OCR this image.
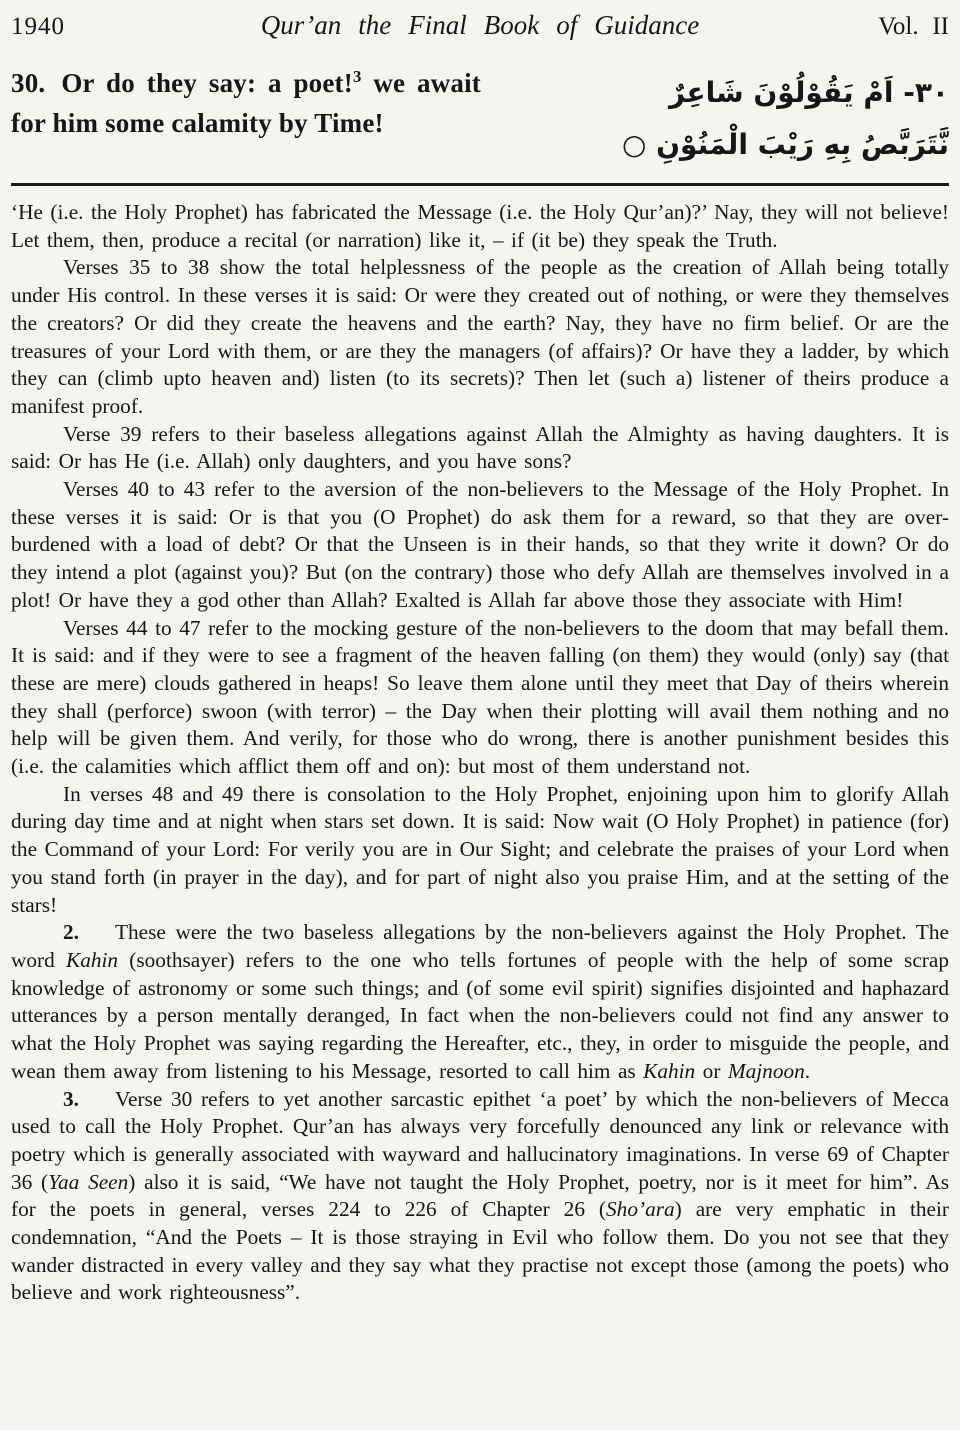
1940	Qur’an the Final Book of Guidance	Vol. II
30. Or do they say: a poet!$^3$ we await for him some calamity by Time!
٣٠- اَمْ يَقُوْلُوْنَ شَاعِرٌ
نَّتَرَبَّصُ بِهِ رَيْبَ الْمَنُوْنِ ○

‘He (i.e. the Holy Prophet) has fabricated the Message (i.e. the Holy Qur’an)?’ Nay, they will not believe! Let them, then, produce a recital (or narration) like it, – if (it be) they speak the Truth.

Verses 35 to 38 show the total helplessness of the people as the creation of Allah being totally under His control. In these verses it is said: Or were they created out of nothing, or were they themselves the creators? Or did they create the heavens and the earth? Nay, they have no firm belief. Or are the treasures of your Lord with them, or are they the managers (of affairs)? Or have they a ladder, by which they can (climb upto heaven and) listen (to its secrets)? Then let (such a) listener of theirs produce a manifest proof.

Verse 39 refers to their baseless allegations against Allah the Almighty as having daughters. It is said: Or has He (i.e. Allah) only daughters, and you have sons?

Verses 40 to 43 refer to the aversion of the non-believers to the Message of the Holy Prophet. In these verses it is said: Or is that you (O Prophet) do ask them for a reward, so that they are over-burdened with a load of debt? Or that the Unseen is in their hands, so that they write it down? Or do they intend a plot (against you)? But (on the contrary) those who defy Allah are themselves involved in a plot! Or have they a god other than Allah? Exalted is Allah far above those they associate with Him!

Verses 44 to 47 refer to the mocking gesture of the non-believers to the doom that may befall them. It is said: and if they were to see a fragment of the heaven falling (on them) they would (only) say (that these are mere) clouds gathered in heaps! So leave them alone until they meet that Day of theirs wherein they shall (perforce) swoon (with terror) – the Day when their plotting will avail them nothing and no help will be given them. And verily, for those who do wrong, there is another punishment besides this (i.e. the calamities which afflict them off and on): but most of them understand not.

In verses 48 and 49 there is consolation to the Holy Prophet, enjoining upon him to glorify Allah during day time and at night when stars set down. It is said: Now wait (O Holy Prophet) in patience (for) the Command of your Lord: For verily you are in Our Sight; and celebrate the praises of your Lord when you stand forth (in prayer in the day), and for part of night also you praise Him, and at the setting of the stars!

2. These were the two baseless allegations by the non-believers against the Holy Prophet. The word Kahin (soothsayer) refers to the one who tells fortunes of people with the help of some scrap knowledge of astronomy or some such things; and (of some evil spirit) signifies disjointed and haphazard utterances by a person mentally deranged, In fact when the non-believers could not find any answer to what the Holy Prophet was saying regarding the Hereafter, etc., they, in order to misguide the people, and wean them away from listening to his Message, resorted to call him as Kahin or Majnoon.

3. Verse 30 refers to yet another sarcastic epithet ‘a poet’ by which the non-believers of Mecca used to call the Holy Prophet. Qur’an has always very forcefully denounced any link or relevance with poetry which is generally associated with wayward and hallucinatory imaginations. In verse 69 of Chapter 36 (Yaa Seen) also it is said, “We have not taught the Holy Prophet, poetry, nor is it meet for him”. As for the poets in general, verses 224 to 226 of Chapter 26 (Sho’ara) are very emphatic in their condemnation, “And the Poets – It is those straying in Evil who follow them. Do you not see that they wander distracted in every valley and they say what they practise not except those (among the poets) who believe and work righteousness”.
